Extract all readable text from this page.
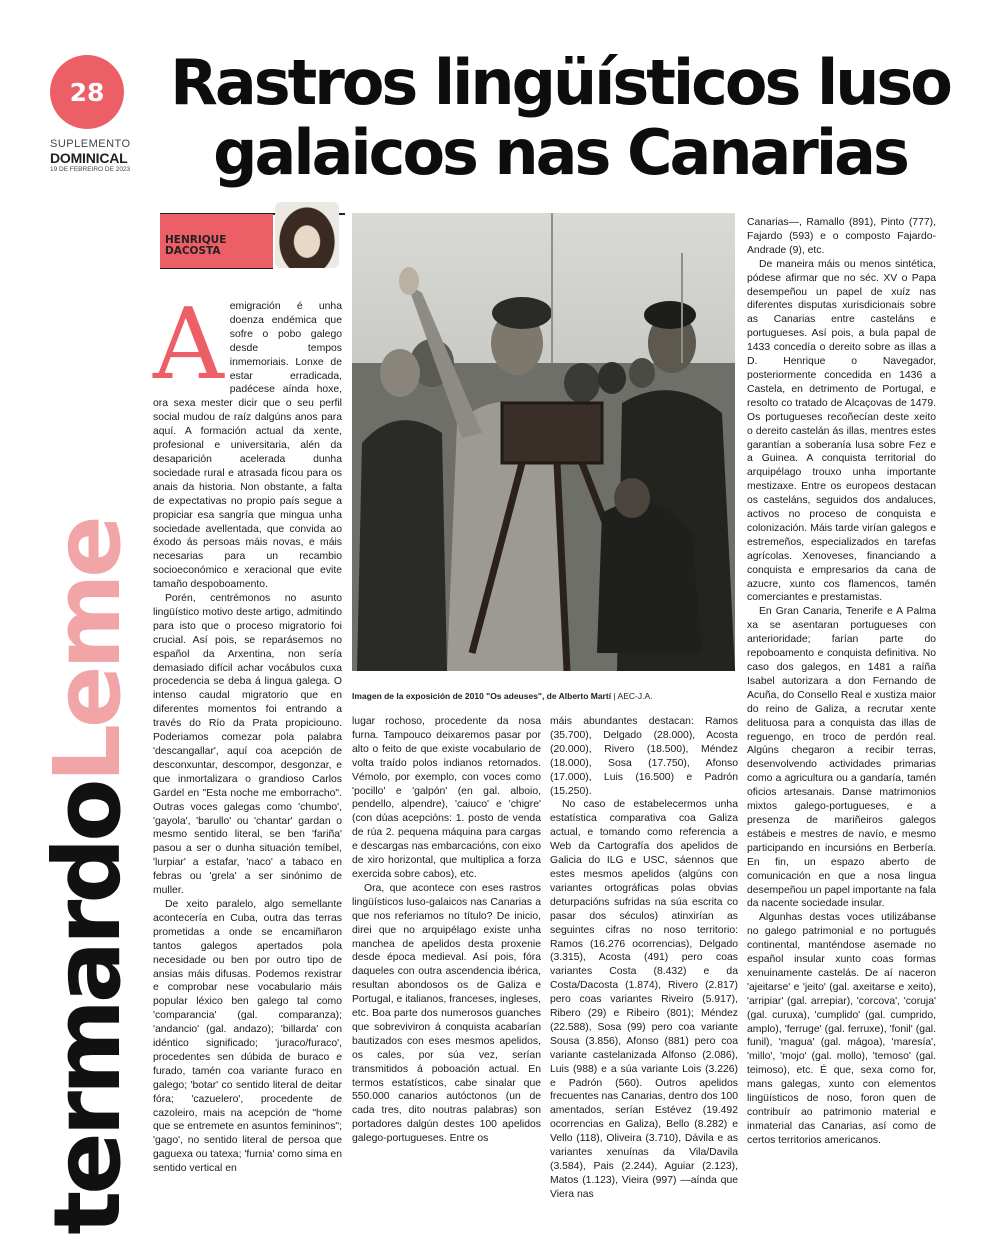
28
SUPLEMENTO
DOMINICAL
19 DE FEBREIRO DE 2023
Rastros lingüísticos luso galaicos nas Canarias
HENRIQUE DACOSTA
termardoLeme

Aemigración é unha doenza endémica que sofre o pobo galego desde tempos inmemoriais. Lonxe de estar erradicada, padécese aínda hoxe, ora sexa mester dicir que o seu perfil social mudou de raíz dalgúns anos para aquí. A formación actual da xente, profesional e universitaria, alén da desaparición acelerada dunha sociedade rural e atrasada ficou para os anais da historia. Non obstante, a falta de expectativas no propio país segue a propiciar esa sangría que mingua unha sociedade avellentada, que convida ao éxodo ás persoas máis novas, e máis necesarias para un recambio socioeconómico e xeracional que evite tamaño despoboamento.

Porén, centrémonos no asunto lingüístico motivo deste artigo, admitindo para isto que o proceso migratorio foi crucial. Así pois, se reparásemos no español da Arxentina, non sería demasiado difícil achar vocábulos cuxa procedencia se deba á lingua galega. O intenso caudal migratorio que en diferentes momentos foi entrando a través do Río da Prata propiciouno. Poderiamos comezar pola palabra 'descangallar', aquí coa acepción de desconxuntar, descompor, desgonzar, e que inmortalizara o grandioso Carlos Gardel en "Esta noche me emborracho". Outras voces galegas como 'chumbo', 'gayola', 'barullo' ou 'chantar' gardan o mesmo sentido literal, se ben 'fariña' pasou a ser o dunha situación temíbel, 'lurpiar' a estafar, 'naco' a tabaco en febras ou 'grela' a ser sinónimo de muller.

De xeito paralelo, algo semellante acontecería en Cuba, outra das terras prometidas a onde se encamiñaron tantos galegos apertados pola necesidade ou ben por outro tipo de ansias máis difusas. Podemos rexistrar e comprobar nese vocabulario máis popular léxico ben galego tal como 'comparancia' (gal. comparanza); 'andancio' (gal. andazo); 'billarda' con idéntico significado; 'juraco/furaco', procedentes sen dúbida de buraco e furado, tamén coa variante furaco en galego; 'botar' co sentido literal de deitar fóra; 'cazuelero', procedente de cazoleiro, mais na acepción de "home que se entremete en asuntos femininos"; 'gago', no sentido literal de persoa que gaguexa ou tatexa; 'furnia' como sima en sentido vertical en

Imagen de la exposición de 2010 "Os adeuses", de Alberto Martí | AEC-J.A.

lugar rochoso, procedente da nosa furna. Tampouco deixaremos pasar por alto o feito de que existe vocabulario de volta traído polos indianos retornados. Vémolo, por exemplo, con voces como 'pocillo' e 'galpón' (en gal. alboio, pendello, alpendre), 'caiuco' e 'chigre' (con dúas acepcións: 1. posto de venda de rúa 2. pequena máquina para cargas e descargas nas embarcacións, con eixo de xiro horizontal, que multiplica a forza exercida sobre cabos), etc.

Ora, que acontece con eses rastros lingüísticos luso-galaicos nas Canarias a que nos referiamos no título? De inicio, direi que no arquipélago existe unha manchea de apelidos desta proxenie desde época medieval. Así pois, fóra daqueles con outra ascendencia ibérica, resultan abondosos os de Galiza e Portugal, e italianos, franceses, ingleses, etc. Boa parte dos numerosos guanches que sobreviviron á conquista acabarían bautizados con eses mesmos apelidos, os cales, por súa vez, serían transmitidos á poboación actual. En termos estatísticos, cabe sinalar que 550.000 canarios autóctonos (un de cada tres, dito noutras palabras) son portadores dalgún destes 100 apelidos galego-portugueses. Entre os

máis abundantes destacan: Ramos (35.700), Delgado (28.000), Acosta (20.000), Rivero (18.500), Méndez (18.000), Sosa (17.750), Afonso (17.000), Luis (16.500) e Padrón (15.250).

No caso de estabelecermos unha estatística comparativa coa Galiza actual, e tomando como referencia a Web da Cartografía dos apelidos de Galicia do ILG e USC, sáennos que estes mesmos apelidos (algúns con variantes ortográficas polas obvias deturpacións sufridas na súa escrita co pasar dos séculos) atinxirían as seguintes cifras no noso territorio: Ramos (16.276 ocorrencias), Delgado (3.315), Acosta (491) pero coas variantes Costa (8.432) e da Costa/Dacosta (1.874), Rivero (2.817) pero coas variantes Riveiro (5.917), Ribero (29) e Ribeiro (801); Méndez (22.588), Sosa (99) pero coa variante Sousa (3.856), Afonso (881) pero coa variante castelanizada Alfonso (2.086), Luis (988) e a súa variante Lois (3.226) e Padrón (560). Outros apelidos frecuentes nas Canarias, dentro dos 100 amentados, serían Estévez (19.492 ocorrencias en Galiza), Bello (8.282) e Vello (118), Oliveira (3.710), Dávila e as variantes xenuínas da Vila/Davila (3.584), Pais (2.244), Aguiar (2.123), Matos (1.123), Vieira (997) —aínda que Viera nas

Canarias—, Ramallo (891), Pinto (777), Fajardo (593) e o composto Fajardo-Andrade (9), etc.

De maneira máis ou menos sintética, pódese afirmar que no séc. XV o Papa desempeñou un papel de xuíz nas diferentes disputas xurisdicionais sobre as Canarias entre casteláns e portugueses. Así pois, a bula papal de 1433 concedía o dereito sobre as illas a D. Henrique o Navegador, posteriormente concedida en 1436 a Castela, en detrimento de Portugal, e resolto co tratado de Alcaçovas de 1479. Os portugueses recoñecían deste xeito o dereito castelán ás illas, mentres estes garantían a soberanía lusa sobre Fez e a Guinea. A conquista territorial do arquipélago trouxo unha importante mestizaxe. Entre os europeos destacan os casteláns, seguidos dos andaluces, activos no proceso de conquista e colonización. Máis tarde virían galegos e estremeños, especializados en tarefas agrícolas. Xenoveses, financiando a conquista e empresarios da cana de azucre, xunto cos flamencos, tamén comerciantes e prestamistas.

En Gran Canaria, Tenerife e A Palma xa se asentaran portugueses con anterioridade; farían parte do repoboamento e conquista definitiva. No caso dos galegos, en 1481 a raíña Isabel autorizara a don Fernando de Acuña, do Consello Real e xustiza maior do reino de Galiza, a recrutar xente delituosa para a conquista das illas de reguengo, en troco de perdón real. Algúns chegaron a recibir terras, desenvolvendo actividades primarias como a agricultura ou a gandaría, tamén oficios artesanais. Danse matrimonios mixtos galego-portugueses, e a presenza de mariñeiros galegos estábeis e mestres de navío, e mesmo participando en incursións en Berbería. En fin, un espazo aberto de comunicación en que a nosa lingua desempeñou un papel importante na fala da nacente sociedade insular.

Algunhas destas voces utilizábanse no galego patrimonial e no portugués continental, manténdose asemade no español insular xunto coas formas xenuinamente castelás. De aí naceron 'ajeitarse' e 'jeito' (gal. axeitarse e xeito), 'arripiar' (gal. arrepiar), 'corcova', 'coruja' (gal. curuxa), 'cumplido' (gal. cumprido, amplo), 'ferruge' (gal. ferruxe), 'fonil' (gal. funil), 'magua' (gal. mágoa), 'maresía', 'millo', 'mojo' (gal. mollo), 'temoso' (gal. teimoso), etc. É que, sexa como for, mans galegas, xunto con elementos lingüísticos de noso, foron quen de contribuír ao patrimonio material e inmaterial das Canarias, así como de certos territorios americanos.
